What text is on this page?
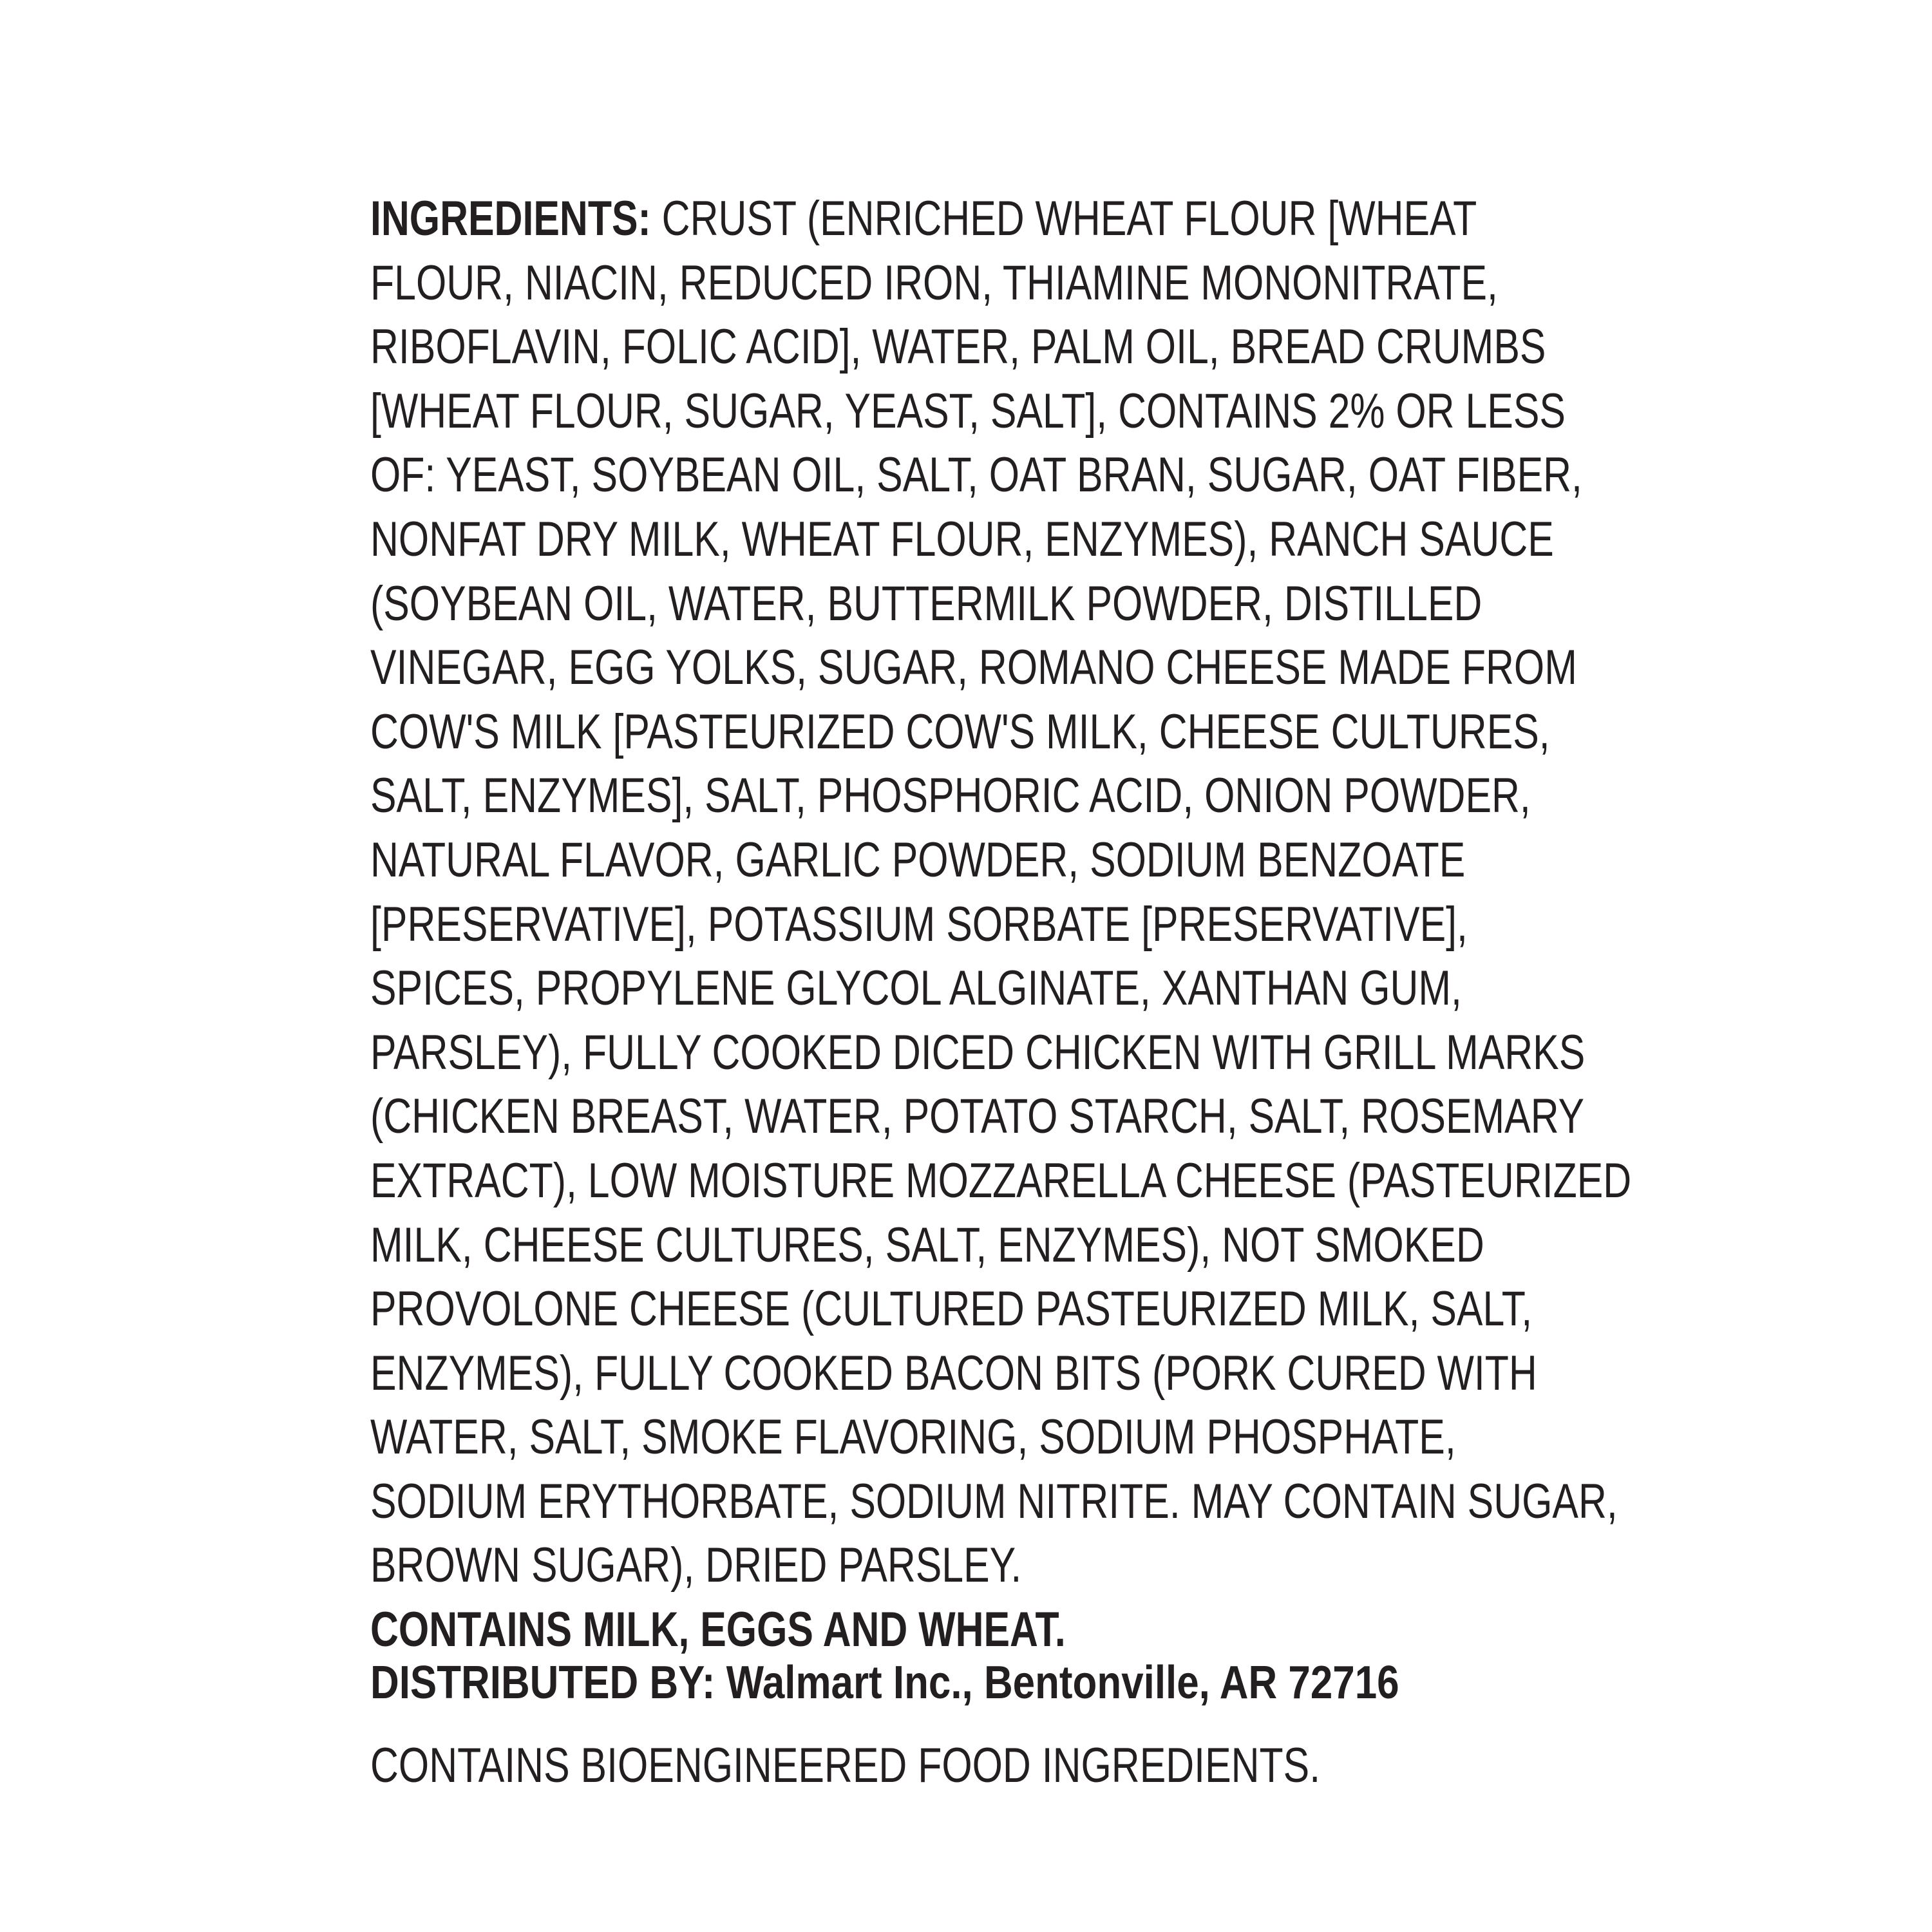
INGREDIENTS: CRUST (ENRICHED WHEAT FLOUR [WHEAT
FLOUR, NIACIN, REDUCED IRON, THIAMINE MONONITRATE,
RIBOFLAVIN, FOLIC ACID], WATER, PALM OIL, BREAD CRUMBS
[WHEAT FLOUR, SUGAR, YEAST, SALT], CONTAINS 2% OR LESS
OF: YEAST, SOYBEAN OIL, SALT, OAT BRAN, SUGAR, OAT FIBER,
NONFAT DRY MILK, WHEAT FLOUR, ENZYMES), RANCH SAUCE
(SOYBEAN OIL, WATER, BUTTERMILK POWDER, DISTILLED
VINEGAR, EGG YOLKS, SUGAR, ROMANO CHEESE MADE FROM
COW'S MILK [PASTEURIZED COW'S MILK, CHEESE CULTURES,
SALT, ENZYMES], SALT, PHOSPHORIC ACID, ONION POWDER,
NATURAL FLAVOR, GARLIC POWDER, SODIUM BENZOATE
[PRESERVATIVE], POTASSIUM SORBATE [PRESERVATIVE],
SPICES, PROPYLENE GLYCOL ALGINATE, XANTHAN GUM,
PARSLEY), FULLY COOKED DICED CHICKEN WITH GRILL MARKS
(CHICKEN BREAST, WATER, POTATO STARCH, SALT, ROSEMARY
EXTRACT), LOW MOISTURE MOZZARELLA CHEESE (PASTEURIZED
MILK, CHEESE CULTURES, SALT, ENZYMES), NOT SMOKED
PROVOLONE CHEESE (CULTURED PASTEURIZED MILK, SALT,
ENZYMES), FULLY COOKED BACON BITS (PORK CURED WITH
WATER, SALT, SMOKE FLAVORING, SODIUM PHOSPHATE,
SODIUM ERYTHORBATE, SODIUM NITRITE. MAY CONTAIN SUGAR,
BROWN SUGAR), DRIED PARSLEY.
CONTAINS MILK, EGGS AND WHEAT.
DISTRIBUTED BY: Walmart Inc., Bentonville, AR 72716
CONTAINS BIOENGINEERED FOOD INGREDIENTS.
